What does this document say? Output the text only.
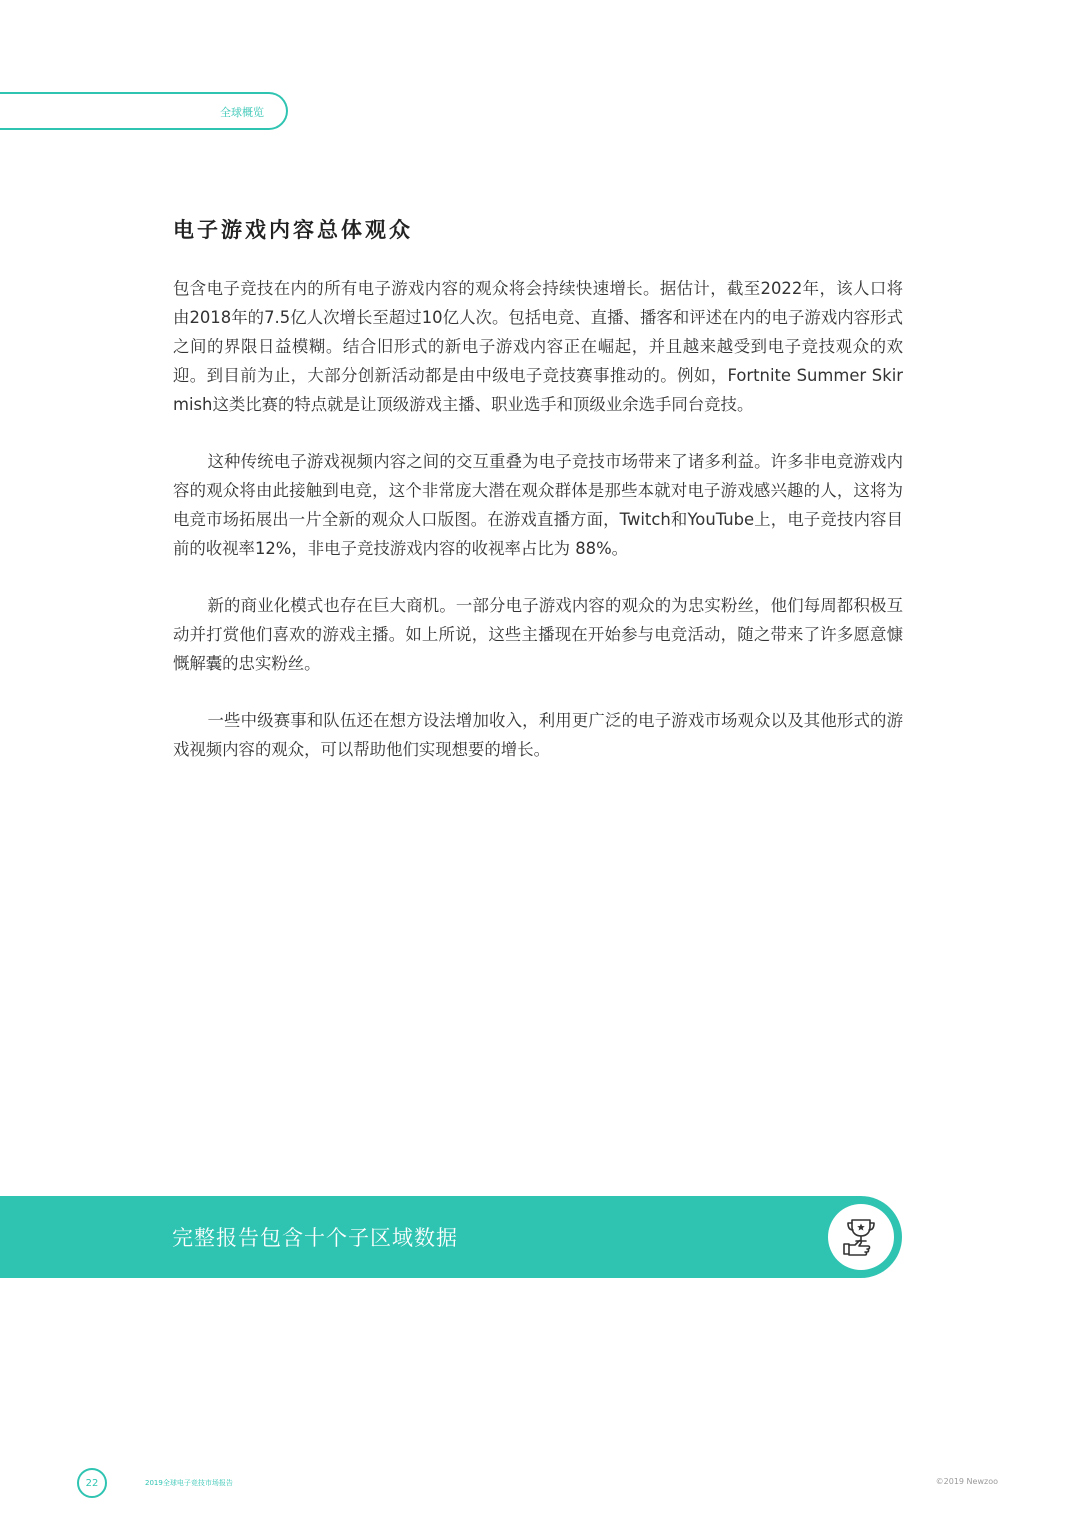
全球概览
电子游戏内容总体观众

包含电子竞技在内的所有电子游戏内容的观众将会持续快速增长。据估计，截至2022年，该人口将由2018年的7.5亿人次增长至超过10亿人次。包括电竞、直播、播客和评述在内的电子游戏内容形式之间的界限日益模糊。结合旧形式的新电子游戏内容正在崛起，并且越来越受到电子竞技观众的欢迎。到目前为止，大部分创新活动都是由中级电子竞技赛事推动的。例如，Fortnite Summer Skirmish这类比赛的特点就是让顶级游戏主播、职业选手和顶级业余选手同台竞技。

这种传统电子游戏视频内容之间的交互重叠为电子竞技市场带来了诸多利益。许多非电竞游戏内容的观众将由此接触到电竞，这个非常庞大潜在观众群体是那些本就对电子游戏感兴趣的人，这将为电竞市场拓展出一片全新的观众人口版图。在游戏直播方面，Twitch和YouTube上，电子竞技内容目前的收视率12%，非电子竞技游戏内容的收视率占比为 88%。

新的商业化模式也存在巨大商机。一部分电子游戏内容的观众的为忠实粉丝，他们每周都积极互动并打赏他们喜欢的游戏主播。如上所说，这些主播现在开始参与电竞活动，随之带来了许多愿意慷慨解囊的忠实粉丝。

一些中级赛事和队伍还在想方设法增加收入，利用更广泛的电子游戏市场观众以及其他形式的游戏视频内容的观众，可以帮助他们实现想要的增长。

完整报告包含十个子区域数据
22	2019全球电子竞技市场报告	©2019 Newzoo
